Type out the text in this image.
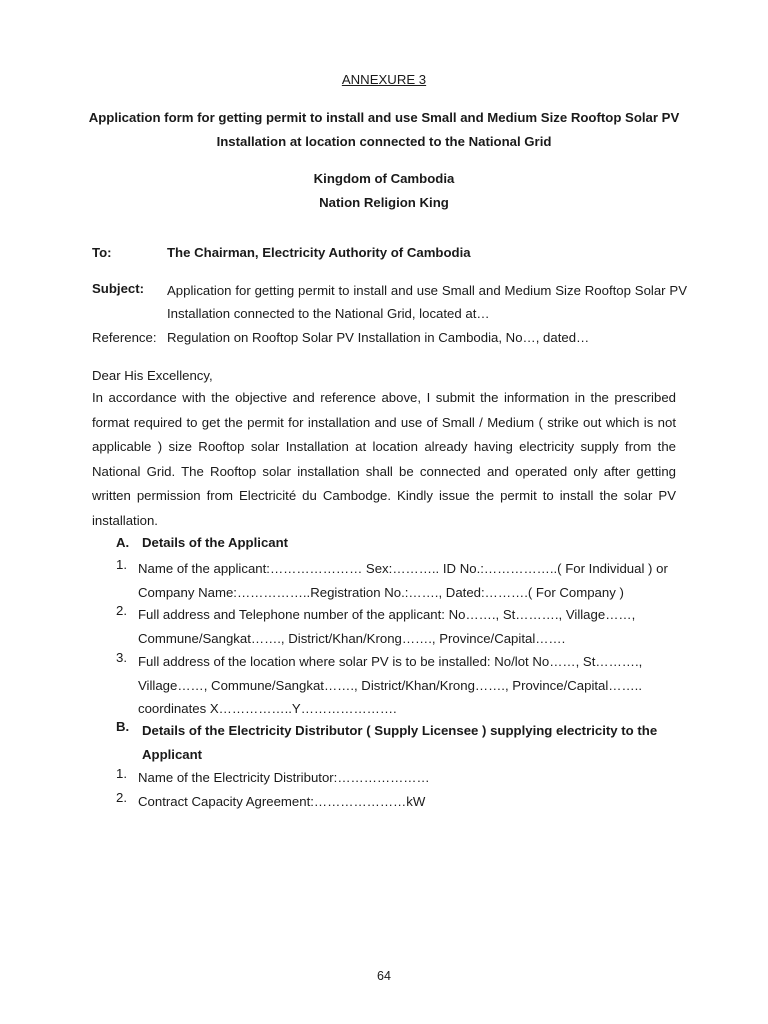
ANNEXURE 3
Application form for getting permit to install and use Small and Medium Size Rooftop Solar PV
Installation at location connected to the National Grid
Kingdom of Cambodia
Nation Religion King
To:	The Chairman, Electricity Authority of Cambodia
Subject: Application for getting permit to install and use Small and Medium Size Rooftop Solar PV Installation connected to the National Grid, located at…
Reference: Regulation on Rooftop Solar PV Installation in Cambodia, No…, dated…
Dear His Excellency,
In accordance with the objective and reference above, I submit the information in the prescribed format required to get the permit for installation and use of Small / Medium ( strike out which is not applicable ) size Rooftop solar Installation at location already having electricity supply from the National Grid. The Rooftop solar installation shall be connected and operated only after getting written permission from Electricité du Cambodge. Kindly issue the permit to install the solar PV installation.
A. Details of the Applicant
1. Name of the applicant:………………… Sex:……….. ID No.:……………..( For Individual ) or Company Name:……………..Registration No.:……., Dated:……….( For Company )
2. Full address and Telephone number of the applicant: No……., St………., Village……, Commune/Sangkat……., District/Khan/Krong……., Province/Capital…….
3. Full address of the location where solar PV is to be installed: No/lot No……, St………., Village……, Commune/Sangkat……., District/Khan/Krong……., Province/Capital…….. coordinates X……………..Y………………….
B. Details of the Electricity Distributor ( Supply Licensee ) supplying electricity to the Applicant
1. Name of the Electricity Distributor:…………………
2. Contract Capacity Agreement:…………………kW
64
